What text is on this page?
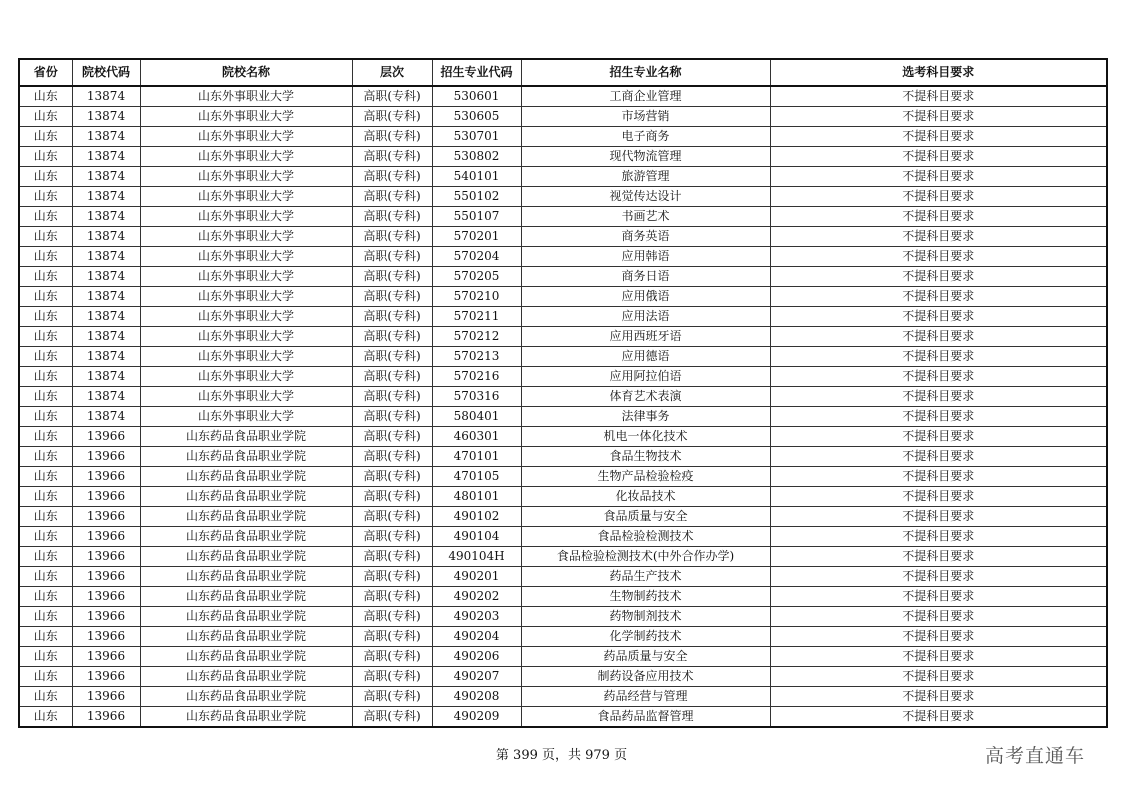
省份	院校代码	院校名称	层次	招生专业代码	招生专业名称	选考科目要求
山东	13874	山东外事职业大学	高职(专科)	530601	工商企业管理	不提科目要求
山东	13874	山东外事职业大学	高职(专科)	530605	市场营销	不提科目要求
山东	13874	山东外事职业大学	高职(专科)	530701	电子商务	不提科目要求
山东	13874	山东外事职业大学	高职(专科)	530802	现代物流管理	不提科目要求
山东	13874	山东外事职业大学	高职(专科)	540101	旅游管理	不提科目要求
山东	13874	山东外事职业大学	高职(专科)	550102	视觉传达设计	不提科目要求
山东	13874	山东外事职业大学	高职(专科)	550107	书画艺术	不提科目要求
山东	13874	山东外事职业大学	高职(专科)	570201	商务英语	不提科目要求
山东	13874	山东外事职业大学	高职(专科)	570204	应用韩语	不提科目要求
山东	13874	山东外事职业大学	高职(专科)	570205	商务日语	不提科目要求
山东	13874	山东外事职业大学	高职(专科)	570210	应用俄语	不提科目要求
山东	13874	山东外事职业大学	高职(专科)	570211	应用法语	不提科目要求
山东	13874	山东外事职业大学	高职(专科)	570212	应用西班牙语	不提科目要求
山东	13874	山东外事职业大学	高职(专科)	570213	应用德语	不提科目要求
山东	13874	山东外事职业大学	高职(专科)	570216	应用阿拉伯语	不提科目要求
山东	13874	山东外事职业大学	高职(专科)	570316	体育艺术表演	不提科目要求
山东	13874	山东外事职业大学	高职(专科)	580401	法律事务	不提科目要求
山东	13966	山东药品食品职业学院	高职(专科)	460301	机电一体化技术	不提科目要求
山东	13966	山东药品食品职业学院	高职(专科)	470101	食品生物技术	不提科目要求
山东	13966	山东药品食品职业学院	高职(专科)	470105	生物产品检验检疫	不提科目要求
山东	13966	山东药品食品职业学院	高职(专科)	480101	化妆品技术	不提科目要求
山东	13966	山东药品食品职业学院	高职(专科)	490102	食品质量与安全	不提科目要求
山东	13966	山东药品食品职业学院	高职(专科)	490104	食品检验检测技术	不提科目要求
山东	13966	山东药品食品职业学院	高职(专科)	490104H	食品检验检测技术(中外合作办学)	不提科目要求
山东	13966	山东药品食品职业学院	高职(专科)	490201	药品生产技术	不提科目要求
山东	13966	山东药品食品职业学院	高职(专科)	490202	生物制药技术	不提科目要求
山东	13966	山东药品食品职业学院	高职(专科)	490203	药物制剂技术	不提科目要求
山东	13966	山东药品食品职业学院	高职(专科)	490204	化学制药技术	不提科目要求
山东	13966	山东药品食品职业学院	高职(专科)	490206	药品质量与安全	不提科目要求
山东	13966	山东药品食品职业学院	高职(专科)	490207	制药设备应用技术	不提科目要求
山东	13966	山东药品食品职业学院	高职(专科)	490208	药品经营与管理	不提科目要求
山东	13966	山东药品食品职业学院	高职(专科)	490209	食品药品监督管理	不提科目要求
第 399 页，共 979 页	高考直通车
